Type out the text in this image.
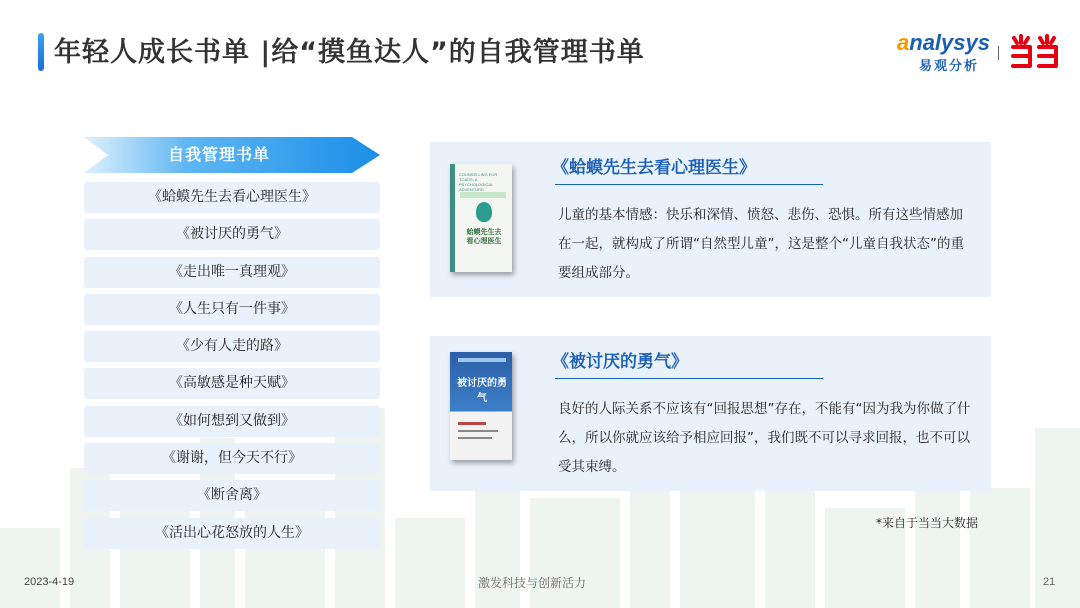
年轻人成长书单 |给“摸鱼达人”的自我管理书单	analysys
易观分析
自我管理书单
《蛤蟆先生去看心理医生》
《被讨厌的勇气》
《走出唯一真理观》
《人生只有一件事》
《少有人走的路》
《高敏感是种天赋》
《如何想到又做到》
《谢谢，但今天不行》
《断舍离》
《活出心花怒放的人生》
COUNSELLING FOR TOADS: A PSYCHOLOGICAL ADVENTURE
蛤蟆先生去看心理医生
《蛤蟆先生去看心理医生》

儿童的基本情感：快乐和深情、愤怒、悲伤、恐惧。所有这些情感加在一起，就构成了所谓“自然型儿童”，这是整个“儿童自我状态”的重要组成部分。

被讨厌的勇气
《被讨厌的勇气》

良好的人际关系不应该有“回报思想”存在，不能有“因为我为你做了什么，所以你就应该给予相应回报”，我们既不可以寻求回报，也不可以受其束缚。

*来自于当当大数据
2023-4-19	激发科技与创新活力	21
